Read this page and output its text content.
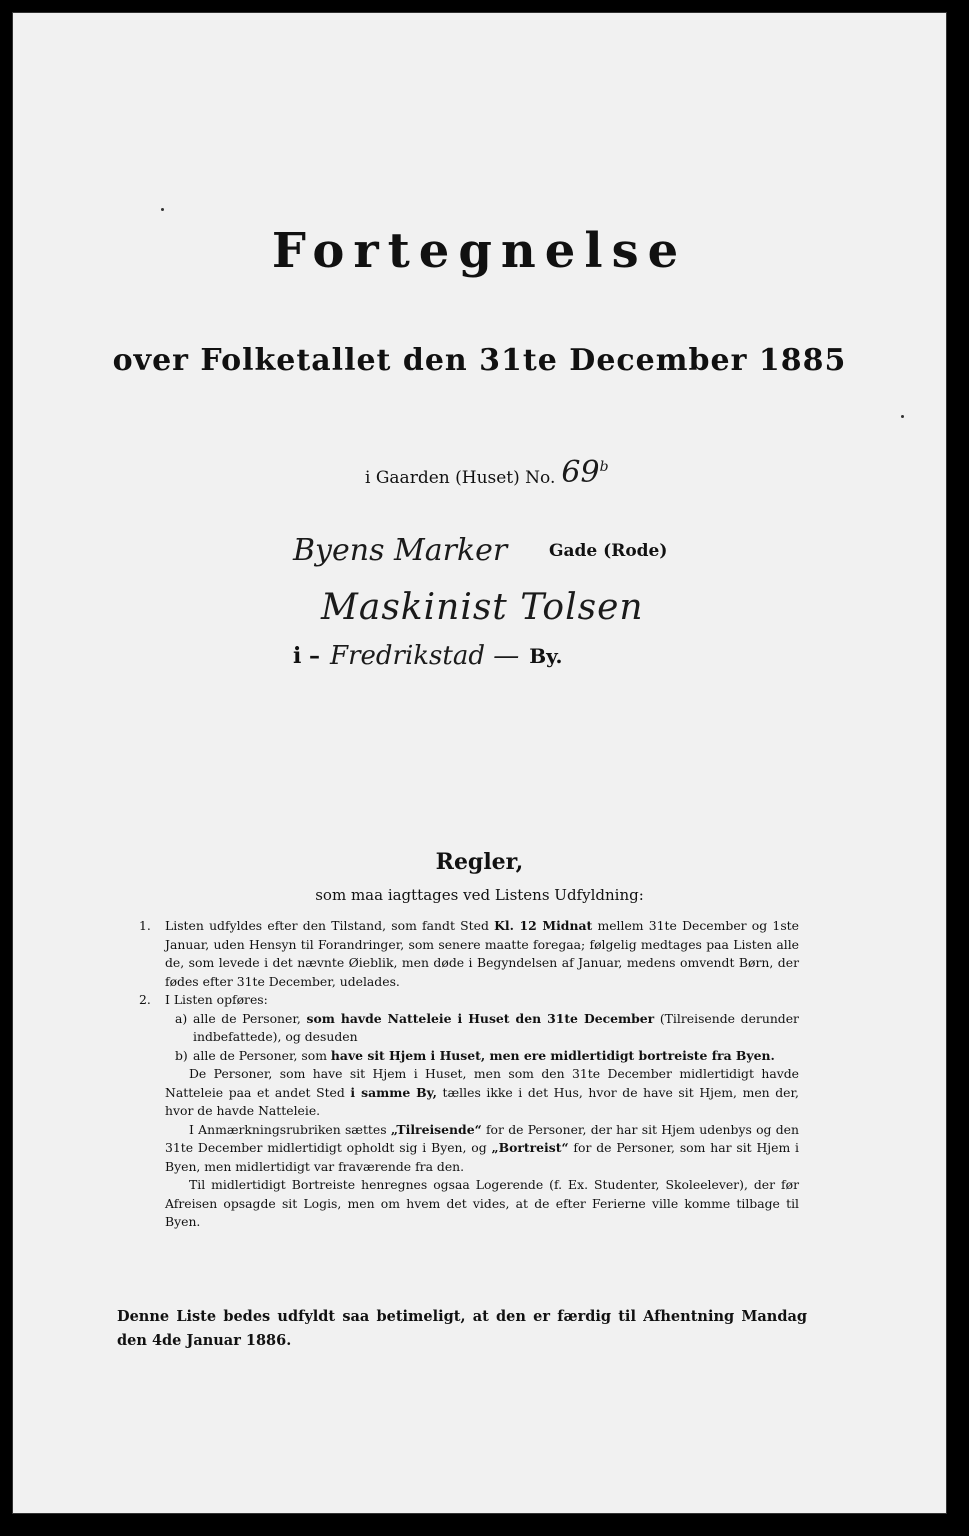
Fortegnelse
over Folketallet den 31te December 1885
i Gaarden (Huset) No. 69$^b$
Byens Marker	Gade (Rode)
Maskinist Tolsen
i – Fredrikstad — By.
Regler,
som maa iagttages ved Listens Udfyldning:
1. Listen udfyldes efter den Tilstand, som fandt Sted Kl. 12 Midnat mellem 31te December og 1ste Januar, uden Hensyn til Forandringer, som senere maatte foregaa; følgelig medtages paa Listen alle de, som levede i det nævnte Øieblik, men døde i Begyndelsen af Januar, medens omvendt Børn, der fødes efter 31te December, udelades.
2. I Listen opføres:
a) alle de Personer, som havde Natteleie i Huset den 31te December (Tilreisende derunder indbefattede), og desuden
b) alle de Personer, som have sit Hjem i Huset, men ere midlertidigt bortreiste fra Byen.
De Personer, som have sit Hjem i Huset, men som den 31te December midlertidigt havde Natteleie paa et andet Sted i samme By, tælles ikke i det Hus, hvor de have sit Hjem, men der, hvor de havde Natteleie.
I Anmærkningsrubriken sættes „Tilreisende“ for de Personer, der har sit Hjem udenbys og den 31te December midlertidigt opholdt sig i Byen, og „Bortreist“ for de Personer, som har sit Hjem i Byen, men midlertidigt var fraværende fra den.
Til midlertidigt Bortreiste henregnes ogsaa Logerende (f. Ex. Studenter, Skoleelever), der før Afreisen opsagde sit Logis, men om hvem det vides, at de efter Ferierne ville komme tilbage til Byen.
Denne Liste bedes udfyldt saa betimeligt, at den er færdig til Afhentning Mandag den 4de Januar 1886.
